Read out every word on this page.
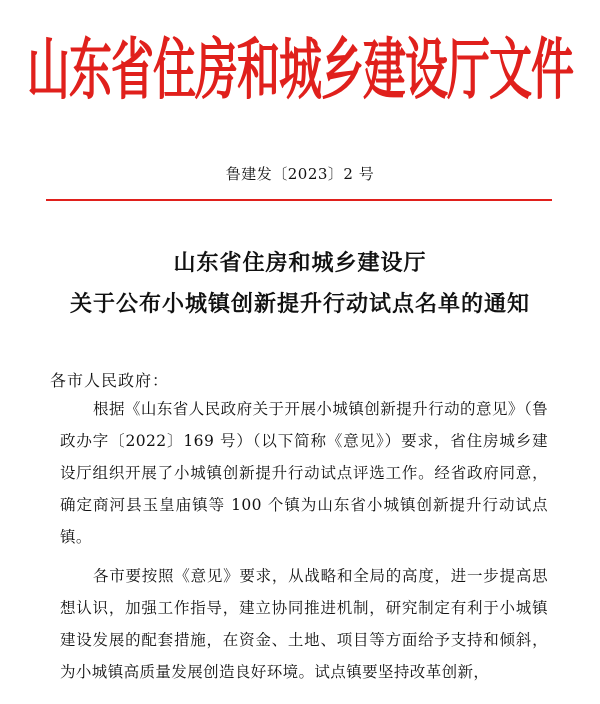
山东省住房和城乡建设厅文件
鲁建发〔2023〕2 号
山东省住房和城乡建设厅
关于公布小城镇创新提升行动试点名单的通知
各市人民政府：
根据《山东省人民政府关于开展小城镇创新提升行动的意见》（鲁政办字〔2022〕169 号）（以下简称《意见》）要求，省住房城乡建设厅组织开展了小城镇创新提升行动试点评选工作。经省政府同意，确定商河县玉皇庙镇等 100 个镇为山东省小城镇创新提升行动试点镇。
各市要按照《意见》要求，从战略和全局的高度，进一步提高思想认识，加强工作指导，建立协同推进机制，研究制定有利于小城镇建设发展的配套措施，在资金、土地、项目等方面给予支持和倾斜，为小城镇高质量发展创造良好环境。试点镇要坚持改革创新，
